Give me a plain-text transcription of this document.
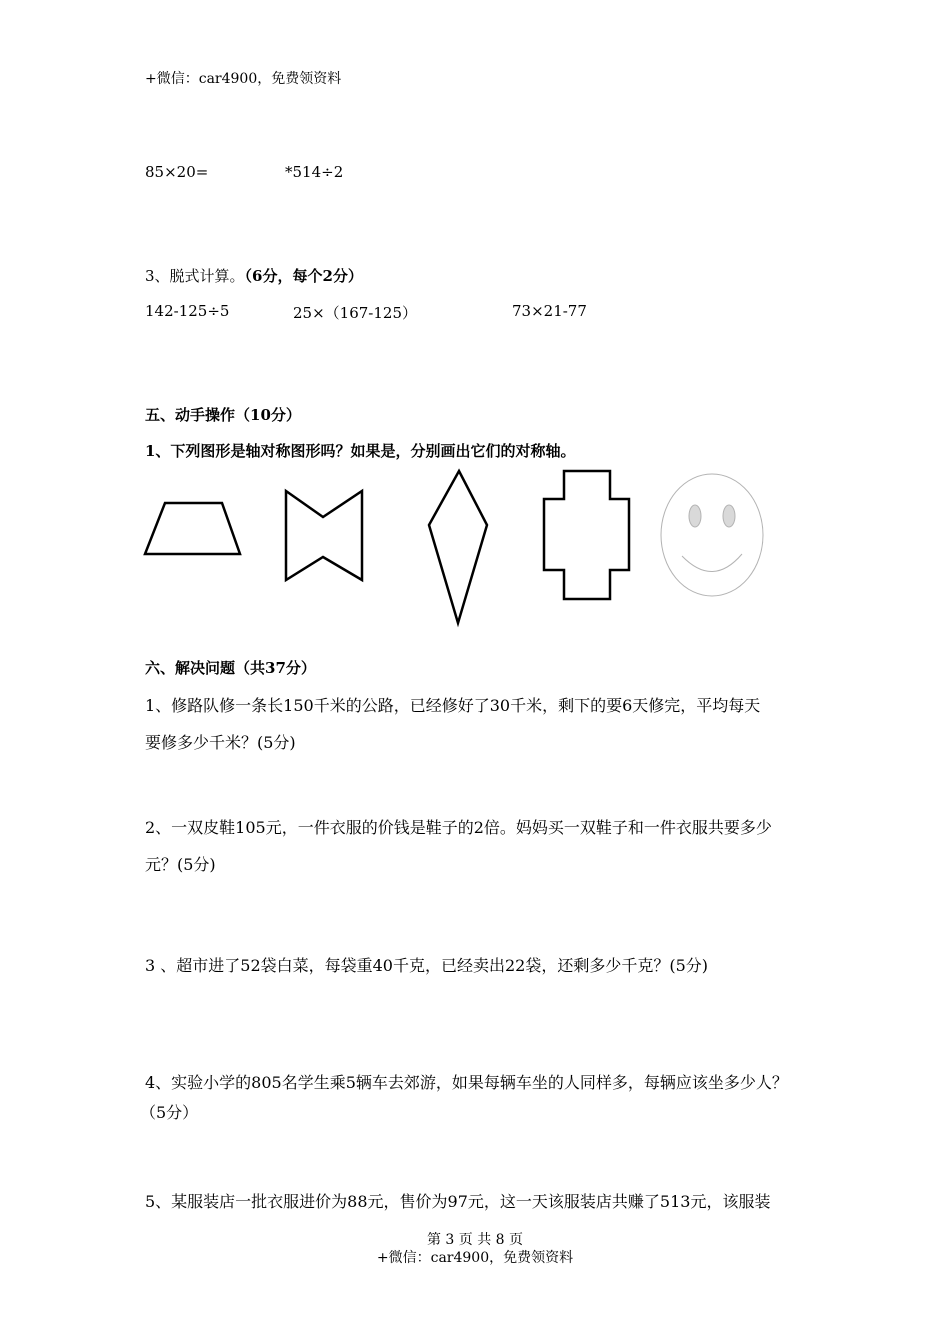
+微信：car4900，免费领资料
85×20=	*514÷2
3、脱式计算。（6分，每个2分）
142-125÷5	25×（167-125）	73×21-77
五、动手操作（10分）
1、下列图形是轴对称图形吗？如果是，分别画出它们的对称轴。
六、解决问题（共37分）
1、修路队修一条长150千米的公路，已经修好了30千米，剩下的要6天修完，平均每天
要修多少千米？(5分)
2、一双皮鞋105元，一件衣服的价钱是鞋子的2倍。妈妈买一双鞋子和一件衣服共要多少
元？(5分)
3 、超市进了52袋白菜，每袋重40千克，已经卖出22袋，还剩多少千克？(5分)
4、实验小学的805名学生乘5辆车去郊游，如果每辆车坐的人同样多，每辆应该坐多少人？
（5分）
5、某服装店一批衣服进价为88元，售价为97元，这一天该服装店共赚了513元，该服装
第 3 页 共 8 页
+微信：car4900，免费领资料
